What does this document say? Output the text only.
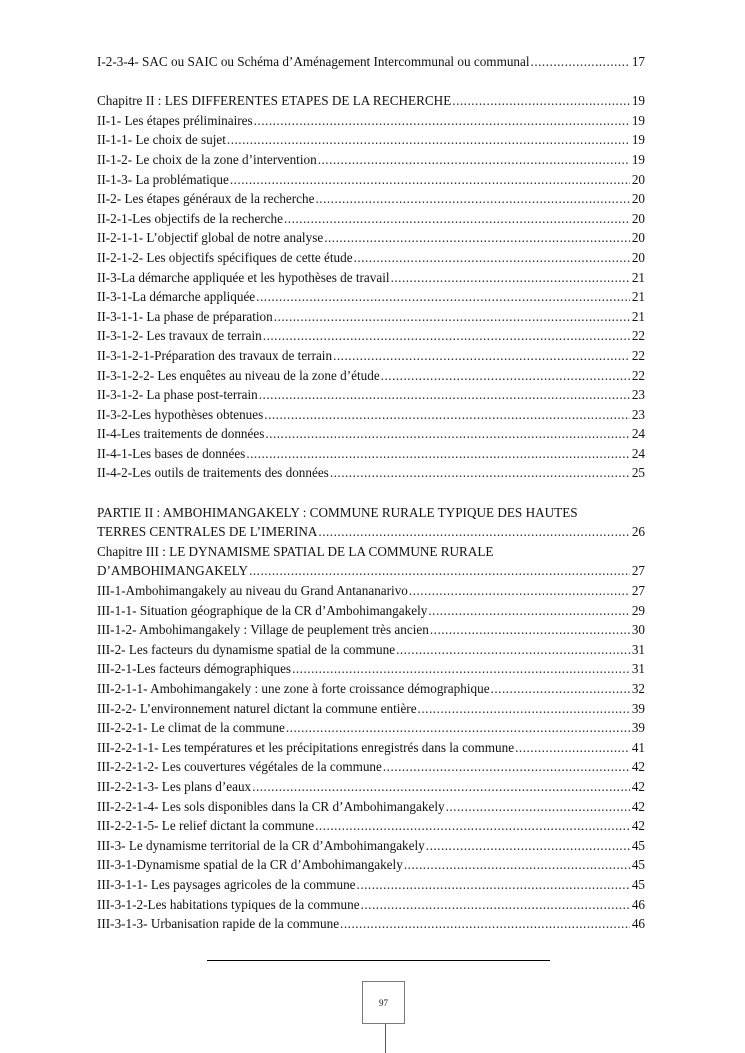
I-2-3-4- SAC ou SAIC ou Schéma d’Aménagement Intercommunal ou communal .....	17
Chapitre II : LES DIFFERENTES ETAPES DE LA RECHERCHE .....	19
II-1- Les étapes préliminaires .....	19
II-1-1- Le choix de sujet .....	19
II-1-2- Le choix de la zone d’intervention .....	19
II-1-3- La problématique .....	20
II-2- Les étapes généraux de la recherche .....	20
II-2-1-Les objectifs de la recherche .....	20
II-2-1-1- L’objectif global de notre analyse .....	20
II-2-1-2- Les objectifs spécifiques de cette étude .....	20
II-3-La démarche appliquée et les hypothèses de travail .....	21
II-3-1-La démarche appliquée .....	21
II-3-1-1- La phase de préparation .....	21
II-3-1-2- Les travaux de terrain .....	22
II-3-1-2-1-Préparation des travaux de terrain .....	22
II-3-1-2-2- Les enquêtes au niveau de la zone d’étude .....	22
II-3-1-2- La phase post-terrain .....	23
II-3-2-Les hypothèses obtenues .....	23
II-4-Les traitements de données .....	24
II-4-1-Les bases de données .....	24
II-4-2-Les outils de traitements des données .....	25
PARTIE II : AMBOHIMANGAKELY : COMMUNE RURALE TYPIQUE DES HAUTES
TERRES CENTRALES DE L’IMERINA .....	26
Chapitre III : LE DYNAMISME SPATIAL DE LA COMMUNE RURALE
D’AMBOHIMANGAKELY .....	27
III-1-Ambohimangakely au niveau du Grand Antananarivo .....	27
III-1-1- Situation géographique de la CR d’Ambohimangakely .....	29
III-1-2- Ambohimangakely : Village de peuplement très ancien .....	30
III-2- Les facteurs du dynamisme spatial de la commune .....	31
III-2-1-Les facteurs démographiques .....	31
III-2-1-1- Ambohimangakely : une zone à forte croissance démographique .....	32
III-2-2- L’environnement naturel dictant la commune entière .....	39
III-2-2-1- Le climat de la commune .....	39
III-2-2-1-1- Les températures et les précipitations enregistrés dans la commune .....	41
III-2-2-1-2- Les couvertures végétales de la commune .....	42
III-2-2-1-3- Les plans d’eaux .....	42
III-2-2-1-4- Les sols disponibles dans la CR d’Ambohimangakely .....	42
III-2-2-1-5- Le relief dictant la commune .....	42
III-3- Le dynamisme territorial de la CR d’Ambohimangakely .....	45
III-3-1-Dynamisme spatial de la CR d’Ambohimangakely .....	45
III-3-1-1- Les paysages agricoles de la commune .....	45
III-3-1-2-Les habitations typiques de la commune .....	46
III-3-1-3- Urbanisation rapide de la commune .....	46
97
